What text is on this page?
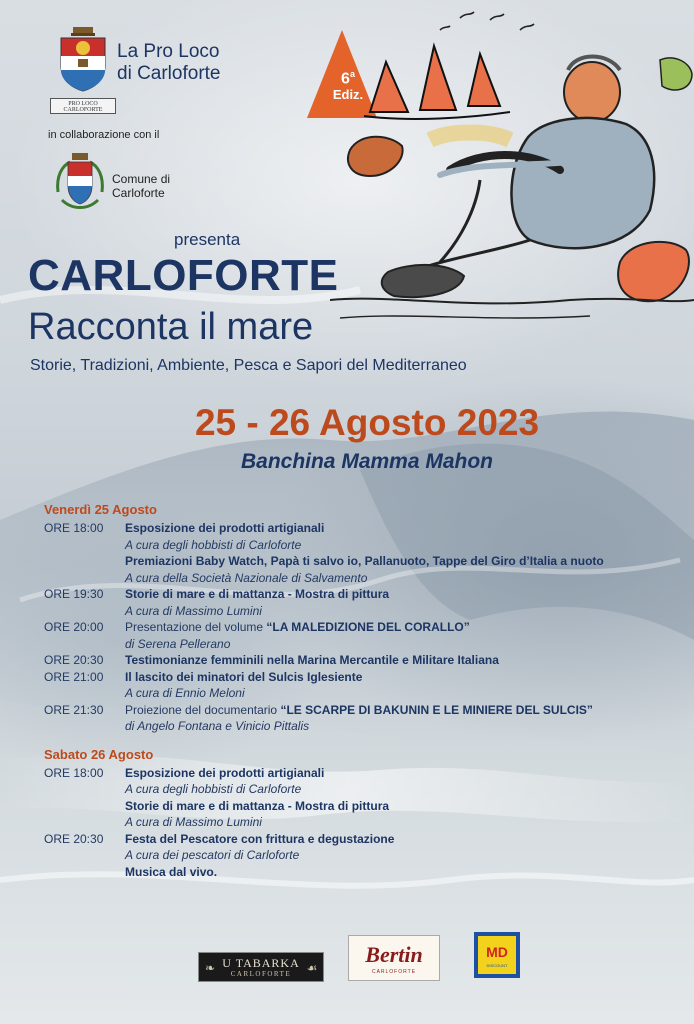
La Pro Loco
di Carloforte
PRO LOCO
CARLOFORTE
in collaborazione con il
Comune di
Carloforte
6$^a$
Ediz.
presenta
CARLOFORTE
Racconta il mare
Storie, Tradizioni, Ambiente, Pesca e Sapori del Mediterraneo
25 - 26 Agosto 2023
Banchina Mamma Mahon
Venerdì 25 Agosto
ORE 18:00	Esposizione dei prodotti artigianali
A cura degli hobbisti di Carloforte
Premiazioni Baby Watch, Papà ti salvo io, Pallanuoto, Tappe del Giro d’Italia a nuoto
A cura della Società Nazionale di Salvamento
ORE 19:30	Storie di mare e di mattanza - Mostra di pittura
A cura di Massimo Lumini
ORE 20:00	Presentazione del volume “LA MALEDIZIONE DEL CORALLO”
di Serena Pellerano
ORE 20:30	Testimonianze femminili nella Marina Mercantile e Militare Italiana
ORE 21:00	Il lascito dei minatori del Sulcis Iglesiente
A cura di Ennio Meloni
ORE 21:30	Proiezione del documentario “LE SCARPE DI BAKUNIN E LE MINIERE DEL SULCIS”
di Angelo Fontana e Vinicio Pittalis
Sabato 26 Agosto
ORE 18:00	Esposizione dei prodotti artigianali
A cura degli hobbisti di Carloforte
Storie di mare e di mattanza - Mostra di pittura
A cura di Massimo Lumini
ORE 20:30	Festa del Pescatore con frittura e degustazione
A cura dei pescatori di Carloforte
Musica dal vivo.
❧ U TABARKA
CARLOFORTE	☙
Bertin
CARLOFORTE
MD
DISCOUNT
